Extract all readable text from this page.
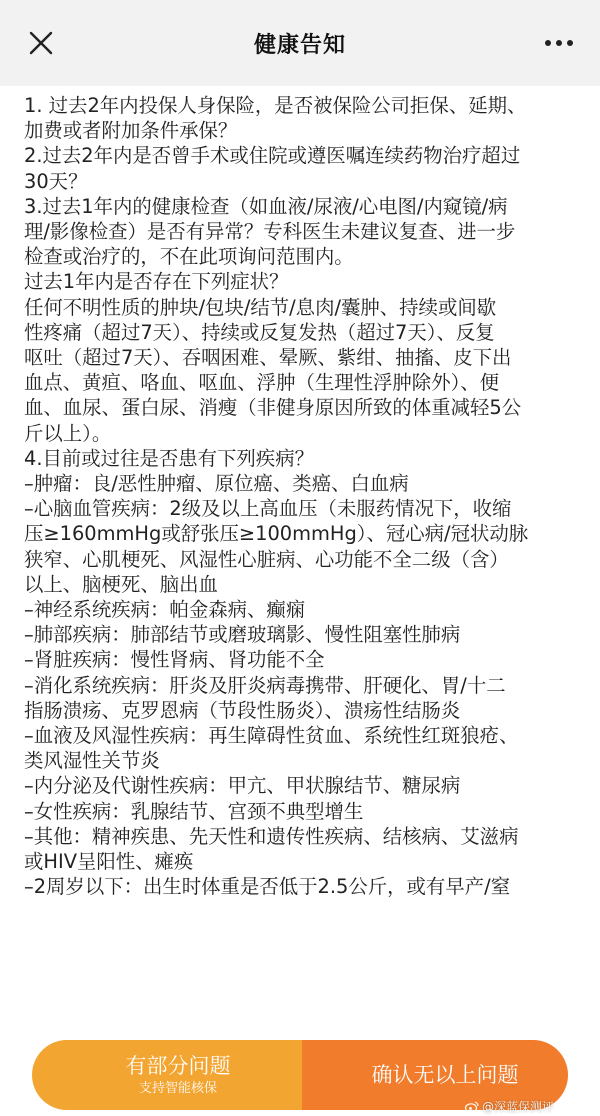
健康告知
1. 过去2年内投保人身保险，是否被保险公司拒保、延期、
加费或者附加条件承保？
2.过去2年内是否曾手术或住院或遵医嘱连续药物治疗超过
30天？
3.过去1年内的健康检查（如血液/尿液/心电图/内窥镜/病
理/影像检查）是否有异常？专科医生未建议复查、进一步
检查或治疗的，不在此项询问范围内。
过去1年内是否存在下列症状？
任何不明性质的肿块/包块/结节/息肉/囊肿、持续或间歇
性疼痛（超过7天）、持续或反复发热（超过7天）、反复
呕吐（超过7天）、吞咽困难、晕厥、紫绀、抽搐、皮下出
血点、黄疸、咯血、呕血、浮肿（生理性浮肿除外）、便
血、血尿、蛋白尿、消瘦（非健身原因所致的体重减轻5公
斤以上）。
4.目前或过往是否患有下列疾病？
–肿瘤：良/恶性肿瘤、原位癌、类癌、白血病
–心脑血管疾病：2级及以上高血压（未服药情况下，收缩
压≥160mmHg或舒张压≥100mmHg）、冠心病/冠状动脉
狭窄、心肌梗死、风湿性心脏病、心功能不全二级（含）
以上、脑梗死、脑出血
–神经系统疾病：帕金森病、癫痫
–肺部疾病：肺部结节或磨玻璃影、慢性阻塞性肺病
–肾脏疾病：慢性肾病、肾功能不全
–消化系统疾病：肝炎及肝炎病毒携带、肝硬化、胃/十二
指肠溃疡、克罗恩病（节段性肠炎）、溃疡性结肠炎
–血液及风湿性疾病：再生障碍性贫血、系统性红斑狼疮、
类风湿性关节炎
–内分泌及代谢性疾病：甲亢、甲状腺结节、糖尿病
–女性疾病：乳腺结节、宫颈不典型增生
–其他：精神疾患、先天性和遗传性疾病、结核病、艾滋病
或HIV呈阳性、瘫痪
–2周岁以下：出生时体重是否低于2.5公斤，或有早产/窒
有部分问题
支持智能核保
确认无以上问题
@深蓝保测评
